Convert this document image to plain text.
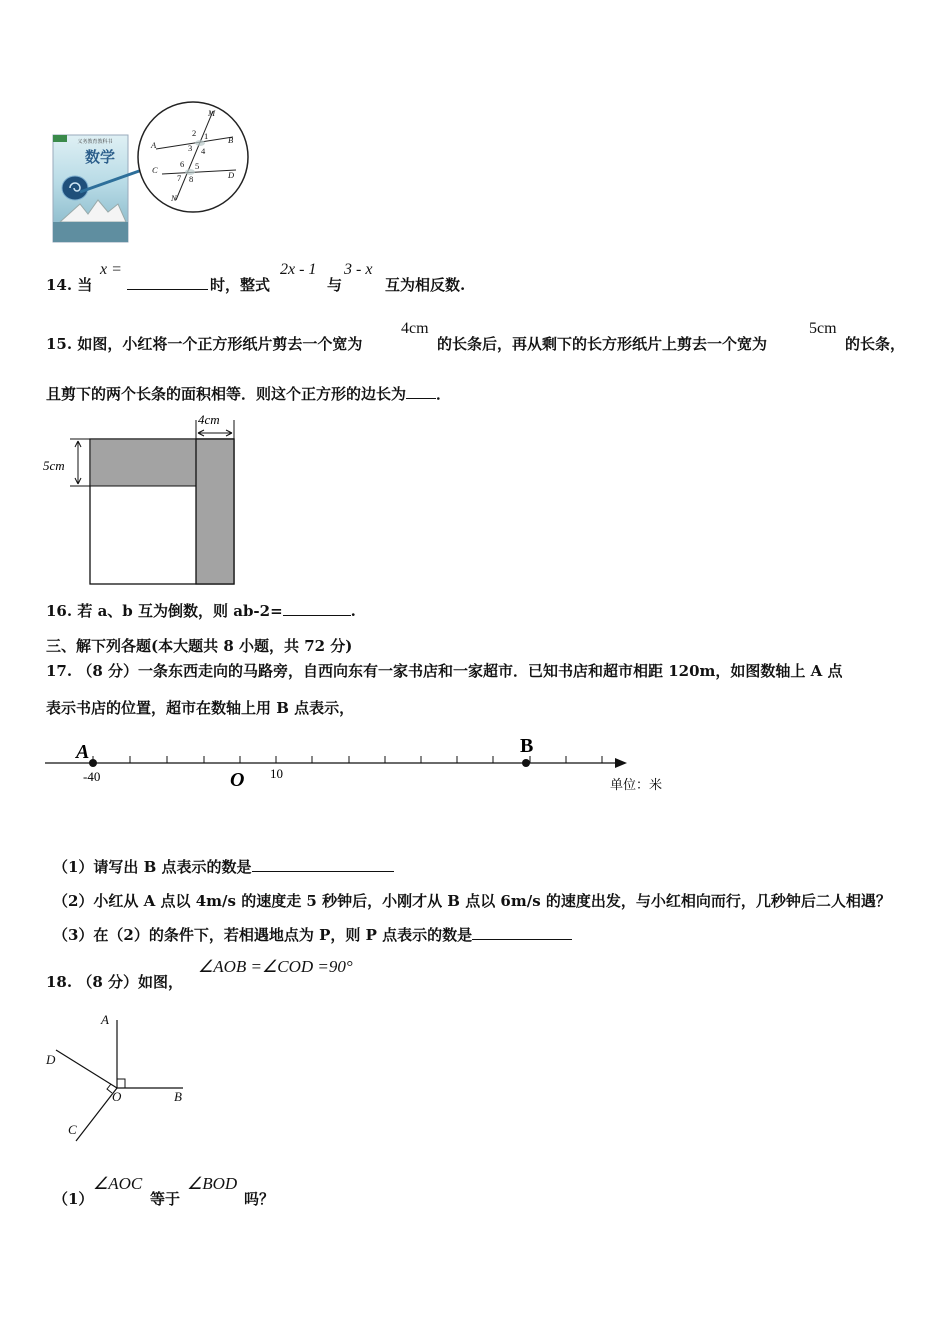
义务教育教科书
数学
M
A	B
1
2
3 4
C	D
5
6
7 8
N
14. 当
x =
时，整式
2x - 1
与
3 - x
互为相反数.
15. 如图，小红将一个正方形纸片剪去一个宽为
4cm
的长条后，再从剩下的长方形纸片上剪去一个宽为
5cm
的长条，
且剪下的两个长条的面积相等．则这个正方形的边长为 ．
4cm
5cm
16. 若 a、b 互为倒数，则 ab-2=	.
三、解下列各题(本大题共 8 小题，共 72 分)
17. （8 分）一条东西走向的马路旁，自西向东有一家书店和一家超市．已知书店和超市相距 120m，如图数轴上 A 点
表示书店的位置，超市在数轴上用 B 点表示，
A	B
-40	O 10
单位：米
（1）请写出 B 点表示的数是
（2）小红从 A 点以 4m/s 的速度走 5 秒钟后，小刚才从 B 点以 6m/s 的速度出发，与小红相向而行，几秒钟后二人相遇？
（3）在（2）的条件下，若相遇地点为 P，则 P 点表示的数是
18. （8 分）如图，
∠AOB =∠COD =90°
A
B
D
C
O
（1）
∠AOC
等于
∠BOD
吗？
